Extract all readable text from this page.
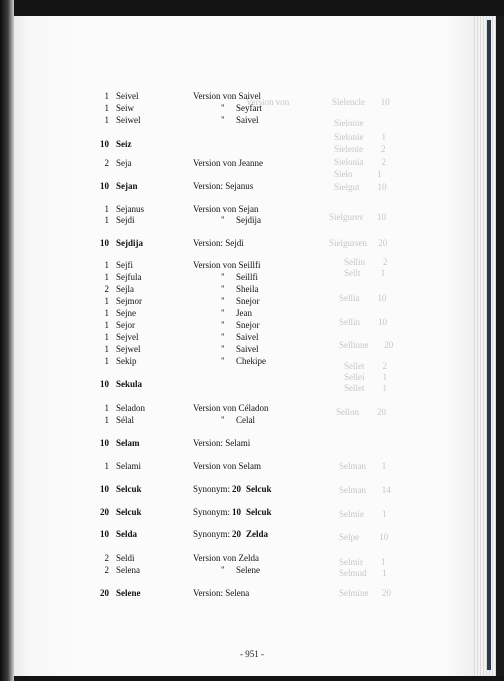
Version von	Sielencle       10
Sielonie
Sielonie        1
Sielenie        2
Sielonia        2
Sielo           1
Sielgut        10
Sielgurev      10
Sielgursen     20
Sellin        2
Sellt         1
Sellia        10
Sellin        10
Sellinne       20
Sellet        2
Sellei        1
Sellet        1
Sellon        20
Selman       1
Selman       14
Selmie        1
Selpe         10
Selmir        1
Selmud       1
Selmine      20
1 Seivel	Version von Saivel
1 Seiw	" Seyfart
1 Seiwel	" Saivel
10 Seiz
2 Seja	Version von Jeanne
10 Sejan	Version: Sejanus
1 Sejanus	Version von Sejan
1 Sejdi	" Sejdija
10 Sejdija	Version: Sejdi
1 Sejfi	Version von Seillfi
1 Sejfula	" Seillfi
2 Sejla	" Sheila
1 Sejmor	" Snejor
1 Sejne	" Jean
1 Sejor	" Snejor
1 Sejvel	" Saivel
1 Sejwel	" Saivel
1 Sekip	" Chekipe
10 Sekula
1 Seladon	Version von Céladon
1 Sélal	" Celal
10 Selam	Version: Selami
1 Selami	Version von Selam
10 Selcuk	Synonym: 20 Selcuk
20 Selcuk	Synonym: 10 Selcuk
10 Selda	Synonym: 20 Zelda
2 Seldi	Version von Zelda
2 Selena	" Selene
20 Selene	Version: Selena
- 951 -
